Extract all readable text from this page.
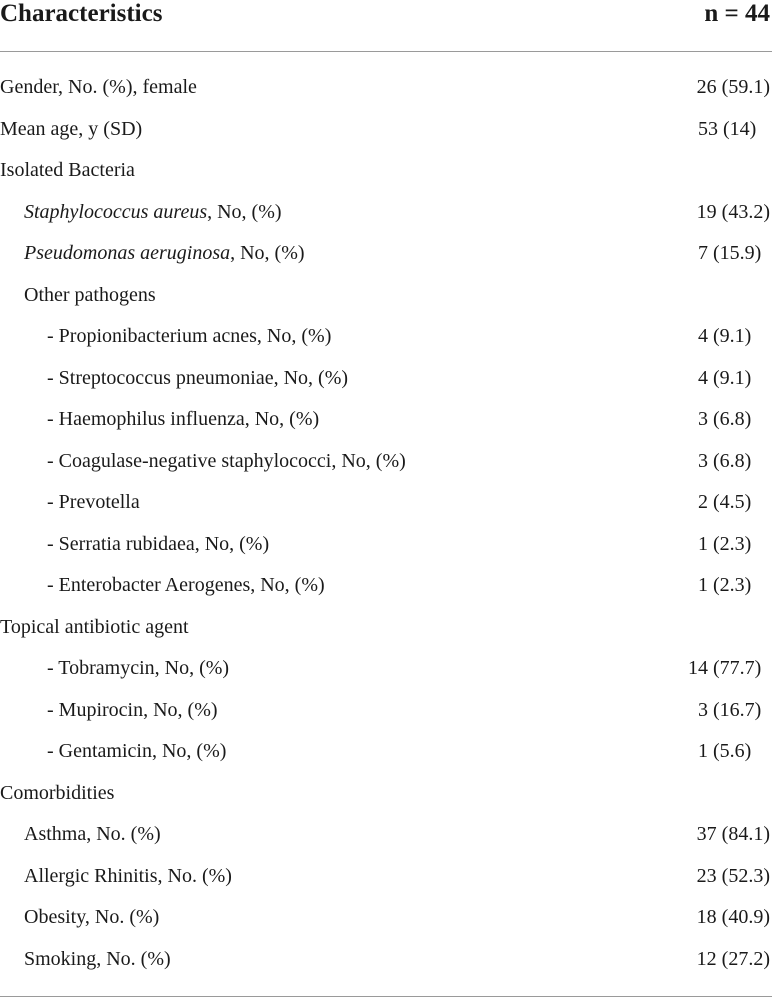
Characteristics	n = 44
Gender, No. (%), female	26 (59.1)
Mean age, y (SD)	53 (14)
Isolated Bacteria
Staphylococcus aureus, No, (%)	19 (43.2)
Pseudomonas aeruginosa, No, (%)	7 (15.9)
Other pathogens
- Propionibacterium acnes, No, (%)	4 (9.1)
- Streptococcus pneumoniae, No, (%)	4 (9.1)
- Haemophilus influenza, No, (%)	3 (6.8)
- Coagulase-negative staphylococci, No, (%)	3 (6.8)
- Prevotella	2 (4.5)
- Serratia rubidaea, No, (%)	1 (2.3)
- Enterobacter Aerogenes, No, (%)	1 (2.3)
Topical antibiotic agent
- Tobramycin, No, (%)	14 (77.7)
- Mupirocin, No, (%)	3 (16.7)
- Gentamicin, No, (%)	1 (5.6)
Comorbidities
Asthma, No. (%)	37 (84.1)
Allergic Rhinitis, No. (%)	23 (52.3)
Obesity, No. (%)	18 (40.9)
Smoking, No. (%)	12 (27.2)
